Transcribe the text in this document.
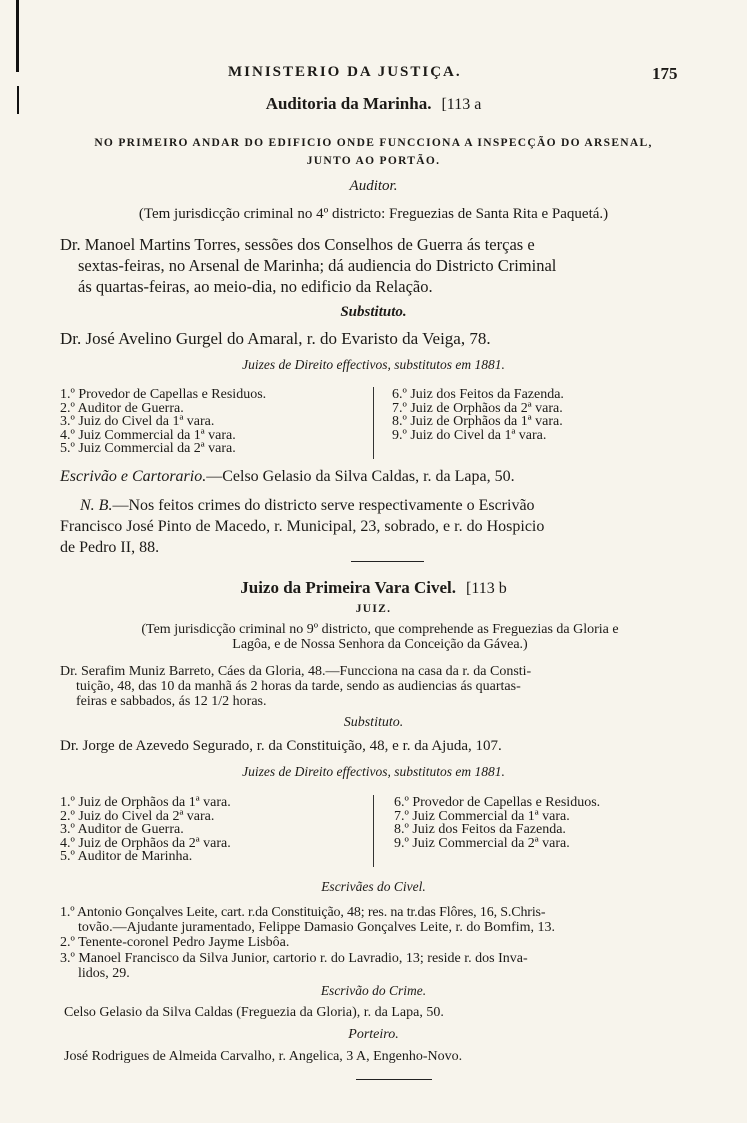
MINISTERIO DA JUSTIÇA.	175
Auditoria da Marinha. [113 a
NO PRIMEIRO ANDAR DO EDIFICIO ONDE FUNCCIONA A INSPECÇÃO DO ARSENAL,
JUNTO AO PORTÃO.
Auditor.
(Tem jurisdicção criminal no 4º districto: Freguezias de Santa Rita e Paquetá.)
Dr. Manoel Martins Torres, sessões dos Conselhos de Guerra ás terças e
sextas-feiras, no Arsenal de Marinha; dá audiencia do Districto Criminal
ás quartas-feiras, ao meio-dia, no edificio da Relação.
Substituto.
Dr. José Avelino Gurgel do Amaral, r. do Evaristo da Veiga, 78.
Juizes de Direito effectivos, substitutos em 1881.
1.º Provedor de Capellas e Residuos.
2.º Auditor de Guerra.
3.º Juiz do Civel da 1ª vara.
4.º Juiz Commercial da 1ª vara.
5.º Juiz Commercial da 2ª vara.
6.º Juiz dos Feitos da Fazenda.
7.º Juiz de Orphãos da 2ª vara.
8.º Juiz de Orphãos da 1ª vara.
9.º Juiz do Civel da 1ª vara.
Escrivão e Cartorario.—Celso Gelasio da Silva Caldas, r. da Lapa, 50.
N. B.—Nos feitos crimes do districto serve respectivamente o Escrivão
Francisco José Pinto de Macedo, r. Municipal, 23, sobrado, e r. do Hospicio
de Pedro II, 88.
Juizo da Primeira Vara Civel. [113 b
JUIZ.
(Tem jurisdicção criminal no 9º districto, que comprehende as Freguezias da Gloria e
Lagôa, e de Nossa Senhora da Conceição da Gávea.)
Dr. Serafim Muniz Barreto, Cáes da Gloria, 48.—Funcciona na casa da r. da Consti-
tuição, 48, das 10 da manhã ás 2 horas da tarde, sendo as audiencias ás quartas-
feiras e sabbados, ás 12 1/2 horas.
Substituto.
Dr. Jorge de Azevedo Segurado, r. da Constituição, 48, e r. da Ajuda, 107.
Juizes de Direito effectivos, substitutos em 1881.
1.º Juiz de Orphãos da 1ª vara.
2.º Juiz do Civel da 2ª vara.
3.º Auditor de Guerra.
4.º Juiz de Orphãos da 2ª vara.
5.º Auditor de Marinha.
6.º Provedor de Capellas e Residuos.
7.º Juiz Commercial da 1ª vara.
8.º Juiz dos Feitos da Fazenda.
9.º Juiz Commercial da 2ª vara.
Escrivães do Civel.
1.º Antonio Gonçalves Leite, cart. r.da Constituição, 48; res. na tr.das Flôres, 16, S.Chris-
tovão.—Ajudante juramentado, Felippe Damasio Gonçalves Leite, r. do Bomfim, 13.
2.º Tenente-coronel Pedro Jayme Lisbôa.
3.º Manoel Francisco da Silva Junior, cartorio r. do Lavradio, 13; reside r. dos Inva-
lidos, 29.
Escrivão do Crime.
Celso Gelasio da Silva Caldas (Freguezia da Gloria), r. da Lapa, 50.
Porteiro.
José Rodrigues de Almeida Carvalho, r. Angelica, 3 A, Engenho-Novo.
